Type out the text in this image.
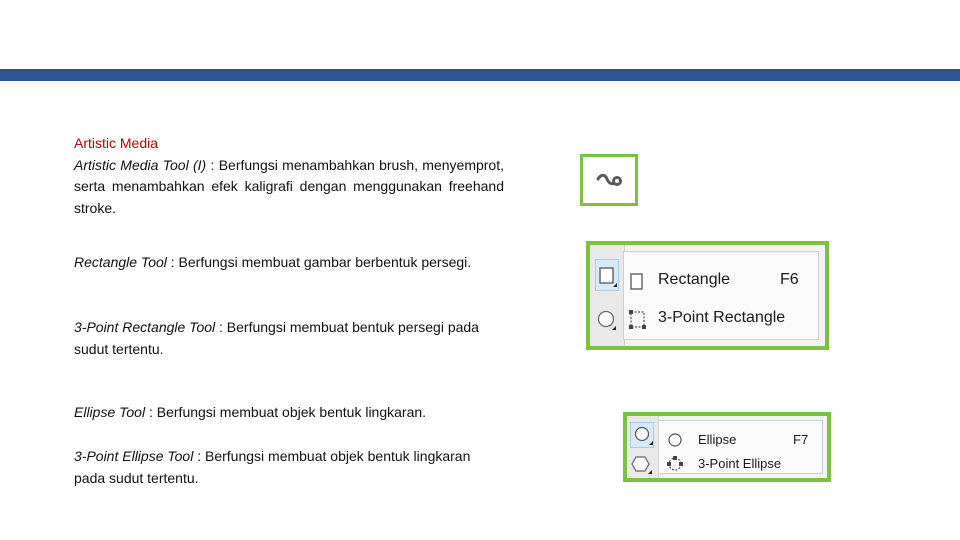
Artistic Media

Artistic Media Tool (I) : Berfungsi menambahkan brush, menyemprot, serta menambahkan efek kaligrafi dengan menggunakan freehand stroke.

Rectangle Tool : Berfungsi membuat gambar berbentuk persegi.

3-Point Rectangle Tool : Berfungsi membuat bentuk persegi pada sudut tertentu.

Ellipse Tool : Berfungsi membuat objek bentuk lingkaran.

3-Point Ellipse Tool : Berfungsi membuat objek bentuk lingkaran pada sudut tertentu.

Rectangle	F6
3-Point Rectangle
Ellipse	F7
3-Point Ellipse
